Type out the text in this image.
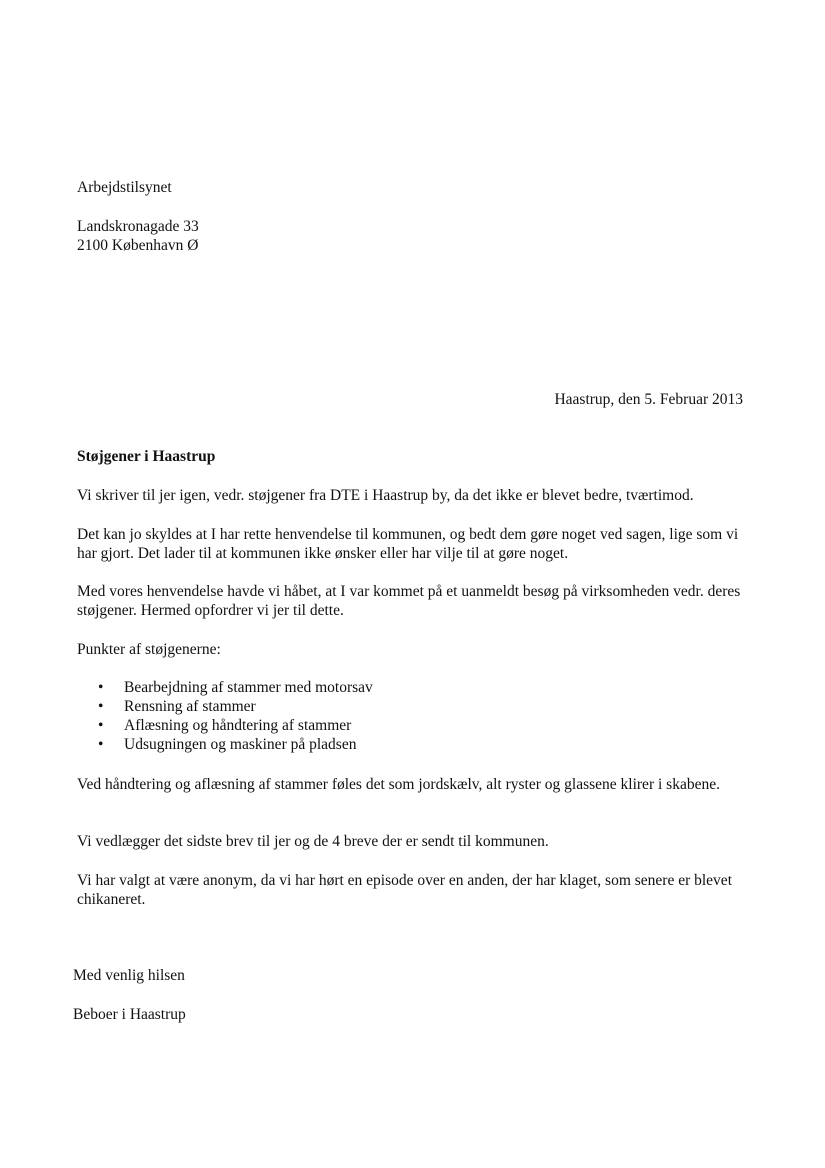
Arbejdstilsynet
Landskronagade 33
2100 København Ø
Haastrup, den 5. Februar 2013
Støjgener i Haastrup

Vi skriver til jer igen, vedr. støjgener fra DTE i Haastrup by, da det ikke er blevet bedre, tværtimod.

Det kan jo skyldes at I har rette henvendelse til kommunen, og bedt dem gøre noget ved sagen, lige som vi har gjort. Det lader til at kommunen ikke ønsker eller har vilje til at gøre noget.

Med vores henvendelse havde vi håbet, at I var kommet på et uanmeldt besøg på virksomheden vedr. deres støjgener. Hermed opfordrer vi jer til dette.

Punkter af støjgenerne:

• Bearbejdning af stammer med motorsav
• Rensning af stammer
• Aflæsning og håndtering af stammer
• Udsugningen og maskiner på pladsen

Ved håndtering og aflæsning af stammer føles det som jordskælv, alt ryster og glassene klirer i skabene.

Vi vedlægger det sidste brev til jer og de 4 breve der er sendt til kommunen.

Vi har valgt at være anonym, da vi har hørt en episode over en anden, der har klaget, som senere er blevet chikaneret.

Med venlig hilsen
Beboer i Haastrup
